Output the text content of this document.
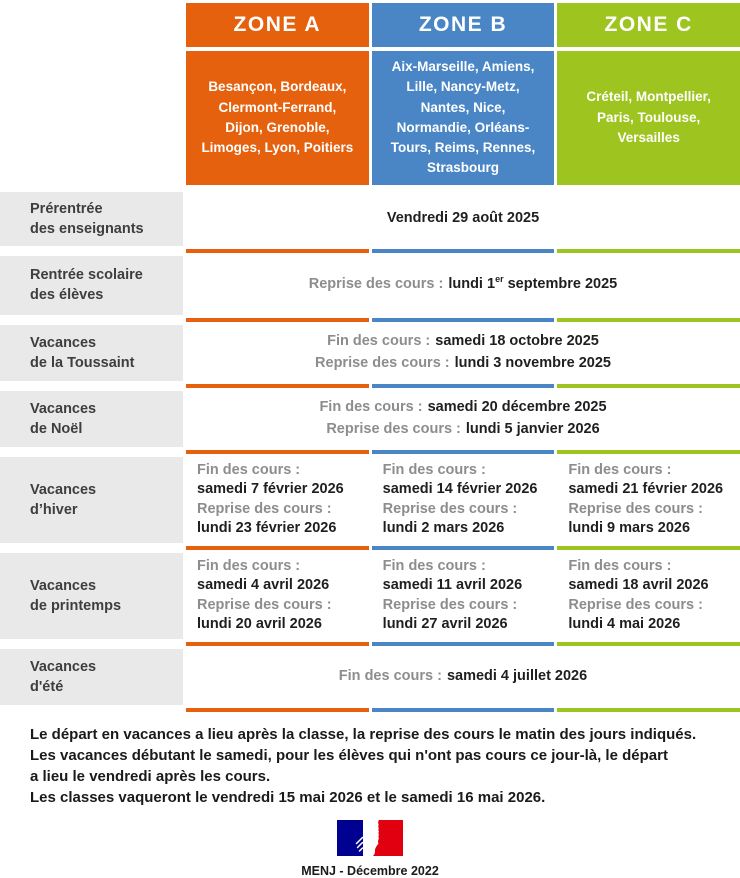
ZONE A	ZONE B	ZONE C
Besançon, Bordeaux, Clermont-Ferrand, Dijon, Grenoble, Limoges, Lyon, Poitiers
Aix-Marseille, Amiens, Lille, Nancy-Metz, Nantes, Nice, Normandie, Orléans-Tours, Reims, Rennes, Strasbourg
Créteil, Montpellier, Paris, Toulouse, Versailles
Prérentrée
des enseignants
Vendredi 29 août 2025
Rentrée scolaire
des élèves
Reprise des cours : lundi 1er septembre 2025
Vacances
de la Toussaint
Fin des cours : samedi 18 octobre 2025
Reprise des cours : lundi 3 novembre 2025
Vacances
de Noël
Fin des cours : samedi 20 décembre 2025
Reprise des cours : lundi 5 janvier 2026
Vacances
d’hiver
Fin des cours :
samedi 7 février 2026
Reprise des cours :
lundi 23 février 2026
Fin des cours :
samedi 14 février 2026
Reprise des cours :
lundi 2 mars 2026
Fin des cours :
samedi 21 février 2026
Reprise des cours :
lundi 9 mars 2026
Vacances
de printemps
Fin des cours :
samedi 4 avril 2026
Reprise des cours :
lundi 20 avril 2026
Fin des cours :
samedi 11 avril 2026
Reprise des cours :
lundi 27 avril 2026
Fin des cours :
samedi 18 avril 2026
Reprise des cours :
lundi 4 mai 2026
Vacances
d'été
Fin des cours : samedi 4 juillet 2026
Le départ en vacances a lieu après la classe, la reprise des cours le matin des jours indiqués.
Les vacances débutant le samedi, pour les élèves qui n'ont pas cours ce jour-là, le départ
a lieu le vendredi après les cours.
Les classes vaqueront le vendredi 15 mai 2026 et le samedi 16 mai 2026.
MENJ - Décembre 2022
